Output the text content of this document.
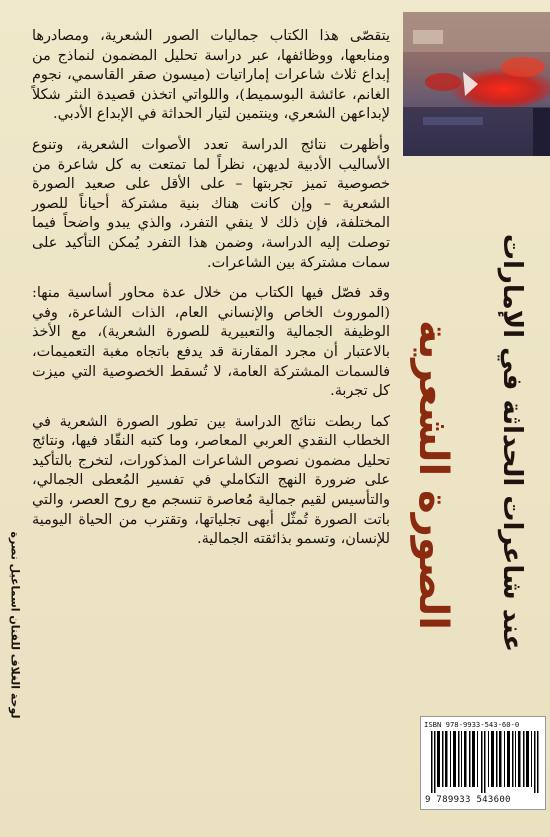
يتقصّى هذا الكتاب جماليات الصور الشعرية، ومصادرها ومنابعها، ووظائفها، عبر دراسة تحليل المضمون لنماذج من إبداع ثلاث شاعرات إماراتيات (ميسون صقر القاسمي، نجوم الغانم، عائشة البوسميط)، واللواتي اتخذن قصيدة النثر شكلاً لإبداعهن الشعري، وينتمين لتيار الحداثة في الإبداع الأدبي.

وأظهرت نتائج الدراسة تعدد الأصوات الشعرية، وتنوع الأساليب الأدبية لديهن، نظراً لما تمتعت به كل شاعرة من خصوصية تميز تجربتها – على الأقل على صعيد الصورة الشعرية – وإن كانت هناك بنية مشتركة أحياناً للصور المختلفة، فإن ذلك لا ينفي التفرد، والذي يبدو واضحاً فيما توصلت إليه الدراسة، وضمن هذا التفرد يُمكن التأكيد على سمات مشتركة بين الشاعرات.

وقد فصّل فيها الكتاب من خلال عدة محاور أساسية منها: (الموروث الخاص والإنساني العام، الذات الشاعرة، وفي الوظيفة الجمالية والتعبيرية للصورة الشعرية)، مع الأخذ بالاعتبار أن مجرد المقارنة قد يدفع باتجاه مغبة التعميمات، فالسمات المشتركة العامة، لا تُسقط الخصوصية التي ميزت كل تجربة.

كما ربطت نتائج الدراسة بين تطور الصورة الشعرية في الخطاب النقدي العربي المعاصر، وما كتبه النقّاد فيها، ونتائج تحليل مضمون نصوص الشاعرات المذكورات، لتخرج بالتأكيد على ضرورة النهج التكاملي في تفسير المُعطى الجمالي، والتأسيس لقيم جمالية مُعاصرة تنسجم مع روح العصر، والتي باتت الصورة تُمثّل أبهى تجلياتها، وتقترب من الحياة اليومية للإنسان، وتسمو بذائقته الجمالية.

لوحة الغلاف للفنان اسماعيل نصرة	الصورة الشعرية عند شاعرات الحداثة في الإمارات
ISBN 978-9933-543-60-0
9 789933 543600
